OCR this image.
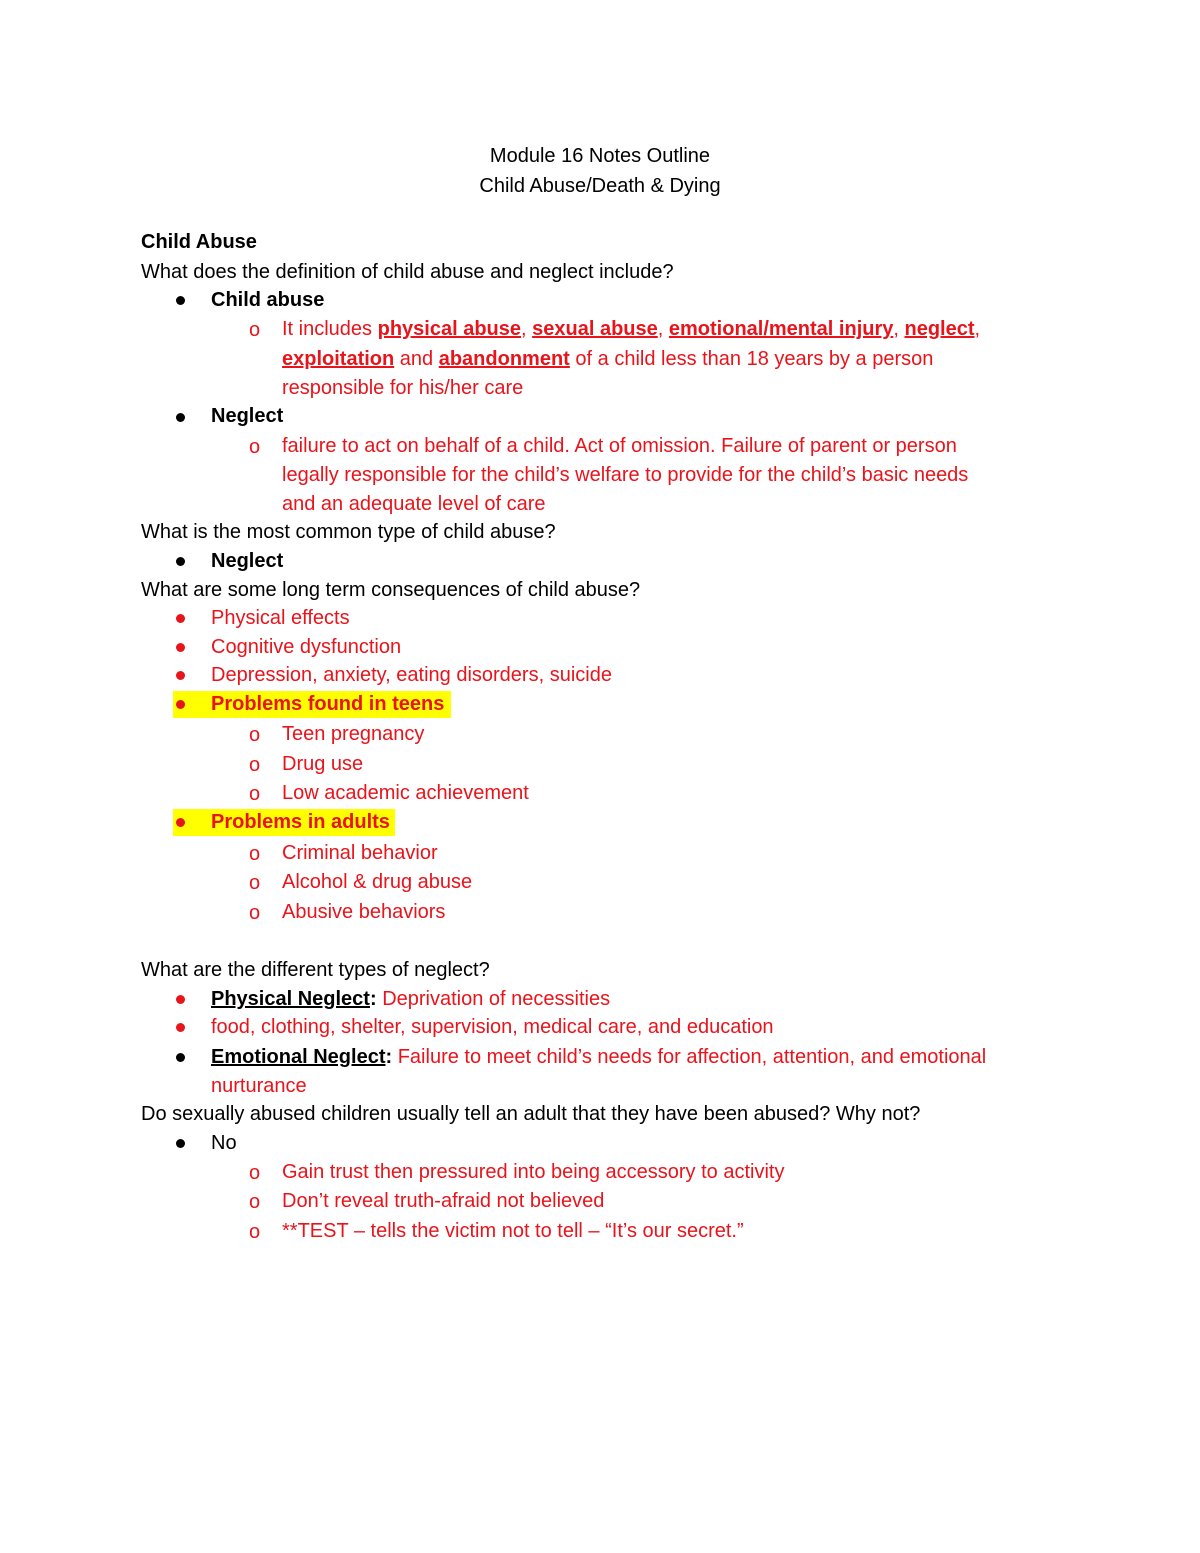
Module 16 Notes Outline
Child Abuse/Death & Dying
Child Abuse
What does the definition of child abuse and neglect include?
Child abuse
o It includes physical abuse, sexual abuse, emotional/mental injury, neglect,
exploitation and abandonment of a child less than 18 years by a person
responsible for his/her care
Neglect
o failure to act on behalf of a child. Act of omission. Failure of parent or person
legally responsible for the child’s welfare to provide for the child’s basic needs
and an adequate level of care
What is the most common type of child abuse?
Neglect
What are some long term consequences of child abuse?
Physical effects
Cognitive dysfunction
Depression, anxiety, eating disorders, suicide
Problems found in teens
o Teen pregnancy
o Drug use
o Low academic achievement
Problems in adults
o Criminal behavior
o Alcohol & drug abuse
o Abusive behaviors
What are the different types of neglect?
Physical Neglect: Deprivation of necessities
food, clothing, shelter, supervision, medical care, and education
Emotional Neglect: Failure to meet child’s needs for affection, attention, and emotional
nurturance
Do sexually abused children usually tell an adult that they have been abused? Why not?
No
o Gain trust then pressured into being accessory to activity
o Don’t reveal truth-afraid not believed
o **TEST – tells the victim not to tell – “It’s our secret.”
